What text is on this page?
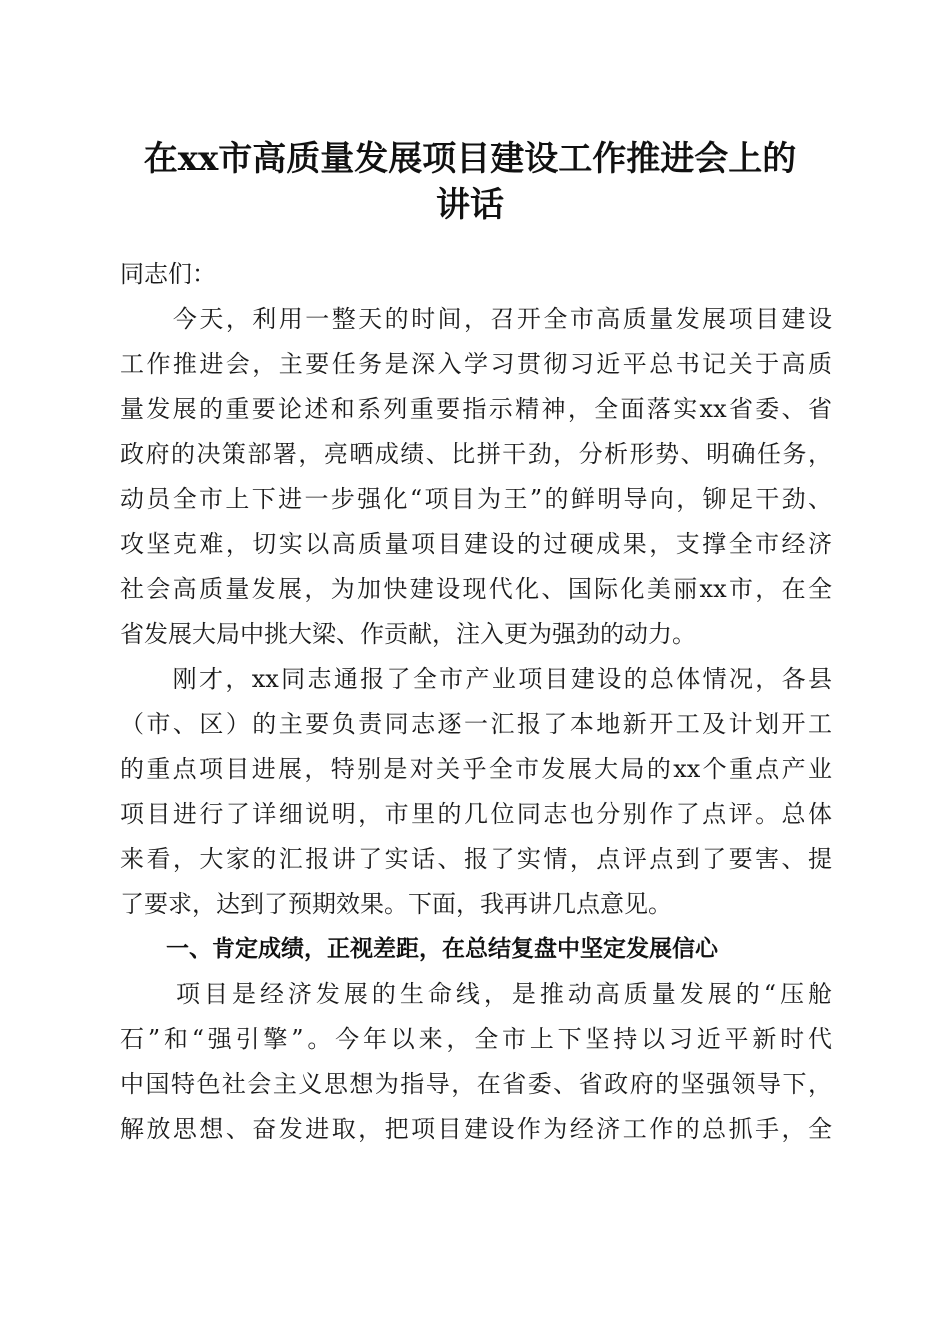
在xx市高质量发展项目建设工作推进会上的
讲话

同志们：

　　今天，利用一整天的时间，召开全市高质量发展项目建设
工作推进会，主要任务是深入学习贯彻习近平总书记关于高质
量发展的重要论述和系列重要指示精神，全面落实xx省委、省
政府的决策部署，亮晒成绩、比拼干劲，分析形势、明确任务，
动员全市上下进一步强化“项目为王”的鲜明导向，铆足干劲、
攻坚克难，切实以高质量项目建设的过硬成果，支撑全市经济
社会高质量发展，为加快建设现代化、国际化美丽xx市，在全
省发展大局中挑大梁、作贡献，注入更为强劲的动力。

　　刚才，xx同志通报了全市产业项目建设的总体情况，各县
（市、区）的主要负责同志逐一汇报了本地新开工及计划开工
的重点项目进展，特别是对关乎全市发展大局的xx个重点产业
项目进行了详细说明，市里的几位同志也分别作了点评。总体
来看，大家的汇报讲了实话、报了实情，点评点到了要害、提
了要求，达到了预期效果。下面，我再讲几点意见。

一、肯定成绩，正视差距，在总结复盘中坚定发展信心

　　项目是经济发展的生命线，是推动高质量发展的“压舱
石”和“强引擎”。今年以来，全市上下坚持以习近平新时代
中国特色社会主义思想为指导，在省委、省政府的坚强领导下，
解放思想、奋发进取，把项目建设作为经济工作的总抓手，全
